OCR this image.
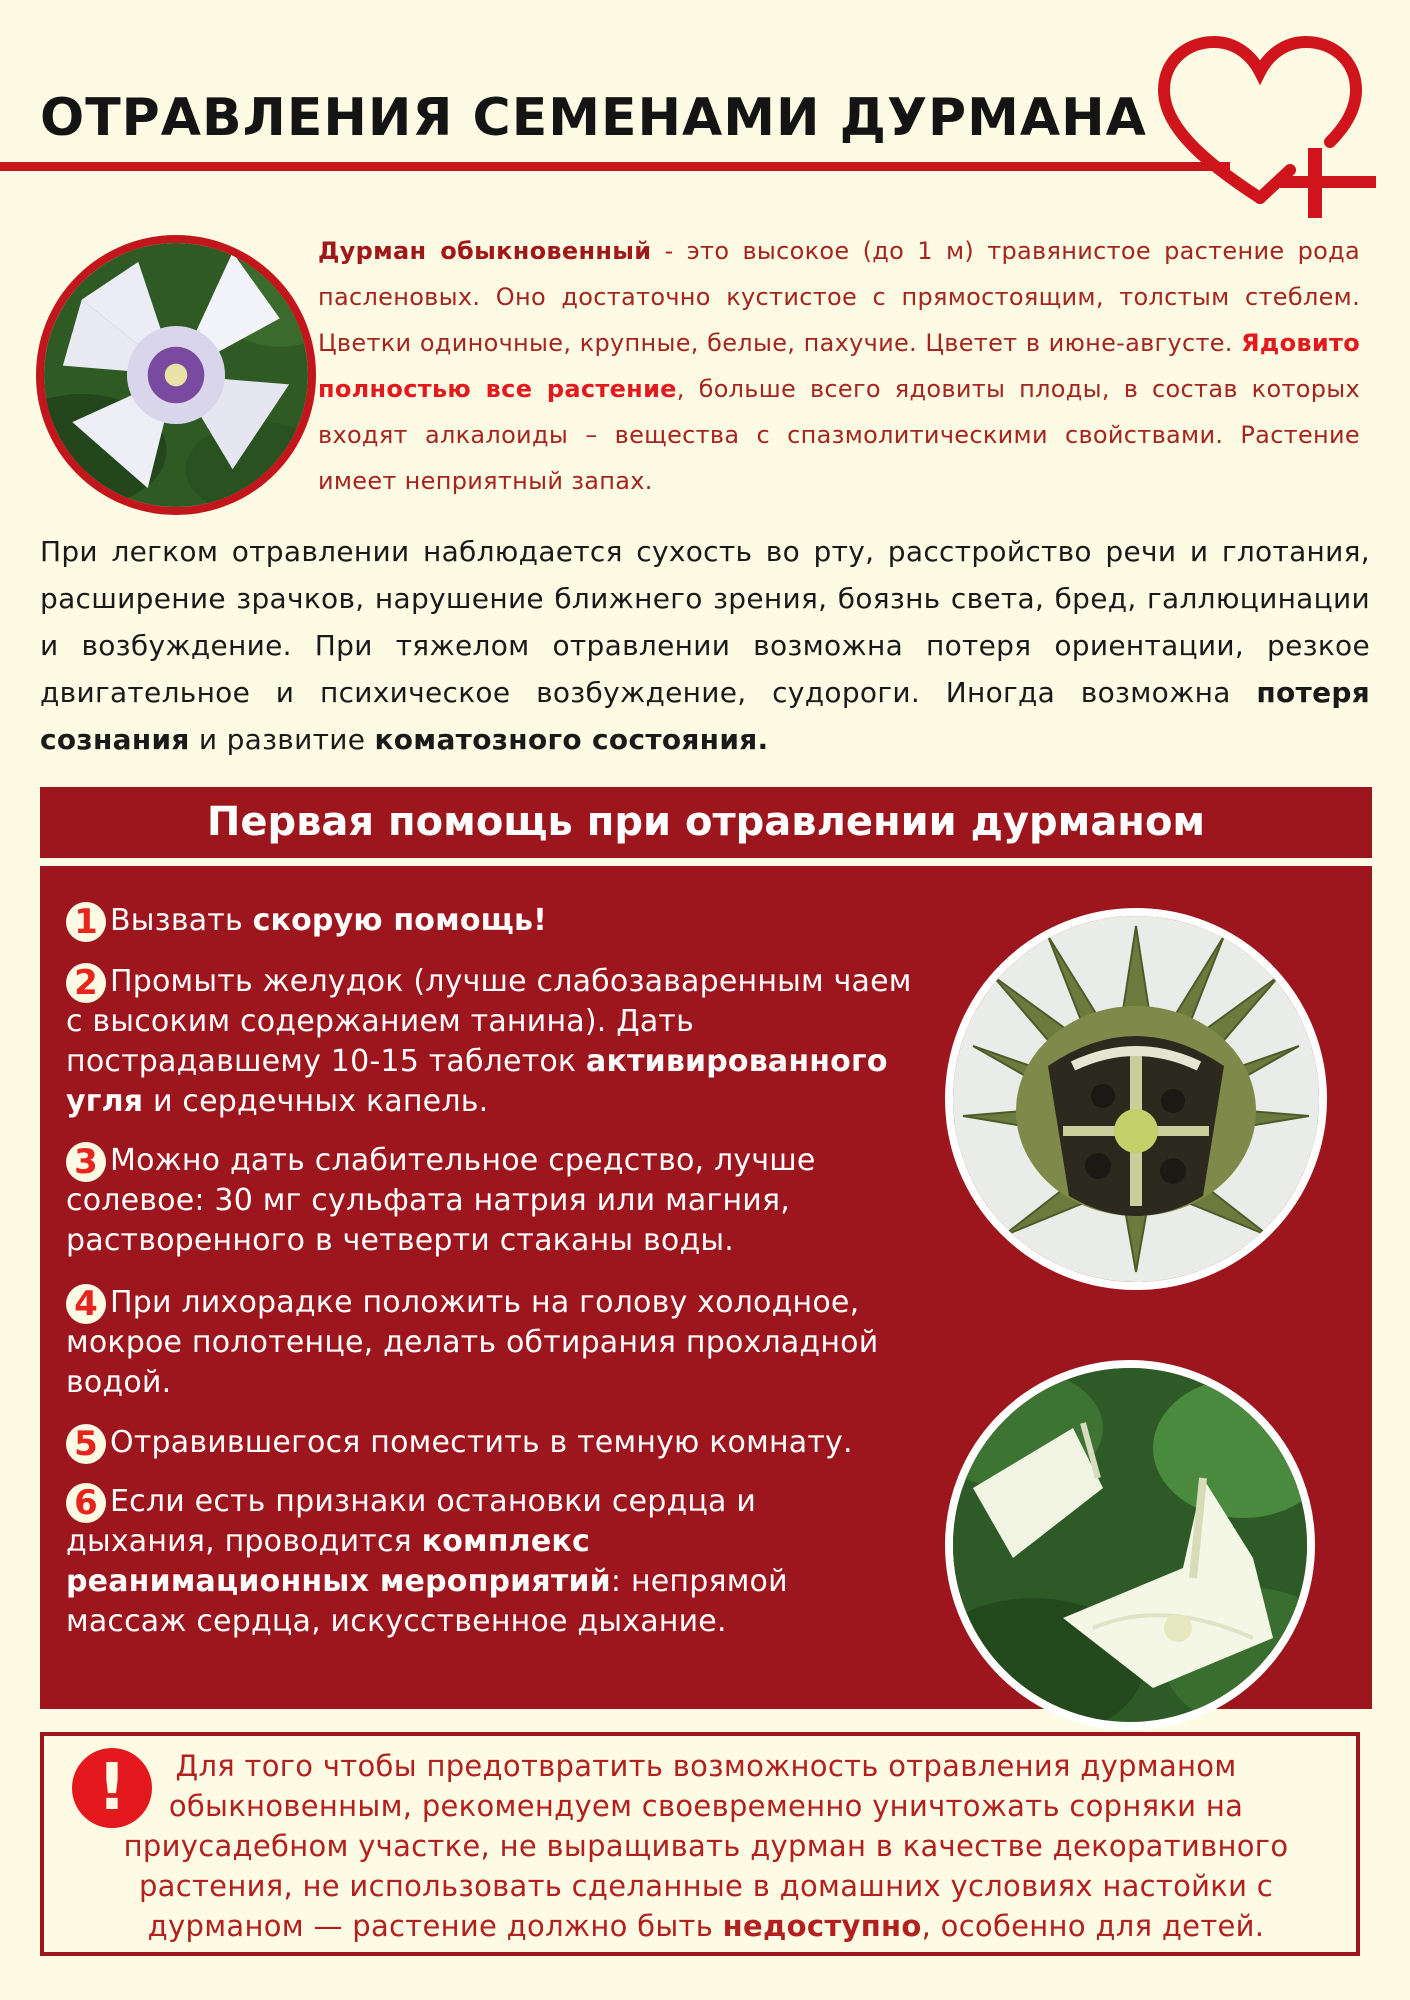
ОТРАВЛЕНИЯ СЕМЕНАМИ ДУРМАНА

Дурман обыкновенный - это высокое (до 1 м) травянистое растение рода пасленовых. Оно достаточно кустистое с прямостоящим, толстым стеблем. Цветки одиночные, крупные, белые, пахучие. Цветет в июне-августе. Ядовито полностью все растение, больше всего ядовиты плоды, в состав которых входят алкалоиды – вещества с спазмолитическими свойствами. Растение имеет неприятный запах.

При легком отравлении наблюдается сухость во рту, расстройство речи и глотания, расширение зрачков, нарушение ближнего зрения, боязнь света, бред, галлюцинации и возбуждение. При тяжелом отравлении возможна потеря ориентации, резкое двигательное и психическое возбуждение, судороги. Иногда возможна потеря сознания и развитие коматозного состояния.

Первая помощь при отравлении дурманом
1 Вызвать скорую помощь!

2 Промыть желудок (лучше слабозаваренным чаем с высоким содержанием танина). Дать пострадавшему 10-15 таблеток активированного угля и сердечных капель.

3 Можно дать слабительное средство, лучше солевое: 30 мг сульфата натрия или магния, растворенного в четверти стаканы воды.

4 При лихорадке положить на голову холодное, мокрое полотенце, делать обтирания прохладной водой.

5 Отравившегося поместить в темную комнату.

6 Если есть признаки остановки сердца и дыхания, проводится комплекс реанимационных мероприятий: непрямой массаж сердца, искусственное дыхание.

!	Для того чтобы предотвратить возможность отравления дурманом обыкновенным, рекомендуем своевременно уничтожать сорняки на приусадебном участке, не выращивать дурман в качестве декоративного растения, не использовать сделанные в домашних условиях настойки с дурманом — растение должно быть недоступно, особенно для детей.
